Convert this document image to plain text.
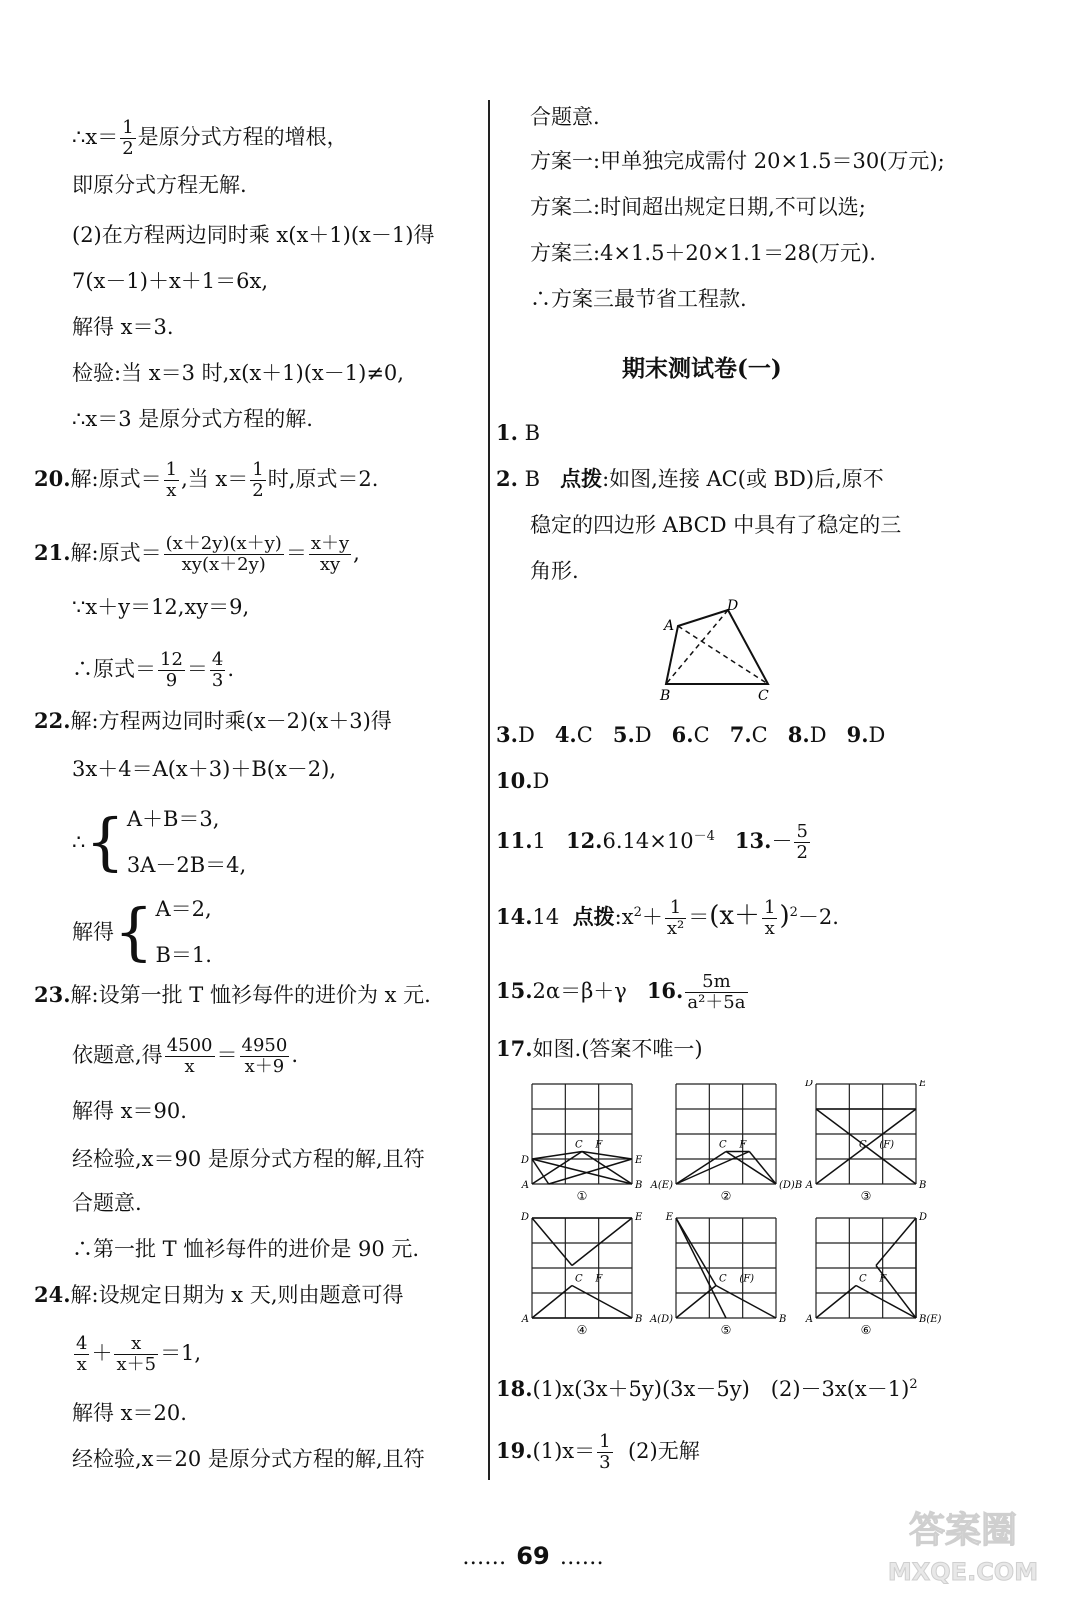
∴x＝ $\frac{1}{2}$ 是原分式方程的增根，
即原分式方程无解.
(2)在方程两边同时乘 x(x＋1)(x－1)得
7(x－1)＋x＋1＝6x,
解得 x＝3.
检验:当 x＝3 时,x(x＋1)(x－1)≠0,
∴x＝3 是原分式方程的解.
20.解:原式＝ $\frac{1}{x}$ ,当 $x= \frac{1}{2}$ 时,原式＝2.
21.解:原式＝ $\frac{(x+2y)(x+y)}{xy(x+2y)} = \frac{x+y}{xy}$ ,
∵x＋y＝12,xy＝9,
∴原式＝ $\frac{12}{9} = \frac{4}{3}$ .
22.解:方程两边同时乘(x－2)(x＋3)得
3x＋4＝A(x＋3)＋B(x－2),
∴{A＋B＝3,
3A－2B＝4,
解得{A＝2,
B＝1.
23.解:设第一批 T 恤衫每件的进价为 x 元.
依题意,得 $\frac{4500}{x} = \frac{4950}{x+9}$ .
解得 x＝90.
经检验,x＝90 是原分式方程的解,且符
合题意.
∴第一批 T 恤衫每件的进价是 90 元.
24.解:设规定日期为 x 天,则由题意可得
$\frac{4}{x} + \frac{x}{x+5} =1$,
解得 x＝20.
经检验,x＝20 是原分式方程的解,且符
合题意.
方案一:甲单独完成需付 20×1.5＝30(万元);
方案二:时间超出规定日期,不可以选;
方案三:4×1.5＋20×1.1＝28(万元).
∴方案三最节省工程款.
期末测试卷(一)
1. B
2. B 点拨:如图,连接 AC(或 BD)后,原不
稳定的四边形 ABCD 中具有了稳定的三
角形.
A
D
B	C
3.D 4.C 5.D 6.C 7.C 8.D 9.D
10.D
11.1 $12.6.14\times 10^{-4}$ $13.- \frac{5}{2}$
14.14 点拨$:x^2+ \frac{1}{\text{x²}} =(x+ \frac{1}{x} )^2-2$.
15.2α＝β＋γ 16. $\frac{5m}{\text{a²＋5a}}$
17.如图.(答案不唯一)
D	E
A	B
C F
①
A(E)	(D)B
C F
②
D	E
A	B
C (F)
③
D	E
A	B
C F
④
E
A(D)	B
C (F)
⑤
D
A	B(E)
C F
⑥
18.(1)x(3x＋5y)(3x－5y)　$(2)-3x(x-1)^2$
$19.(1)x= \frac{1}{3} (2)$无解
…… 69 ……
答案圈
MXQE.COM
